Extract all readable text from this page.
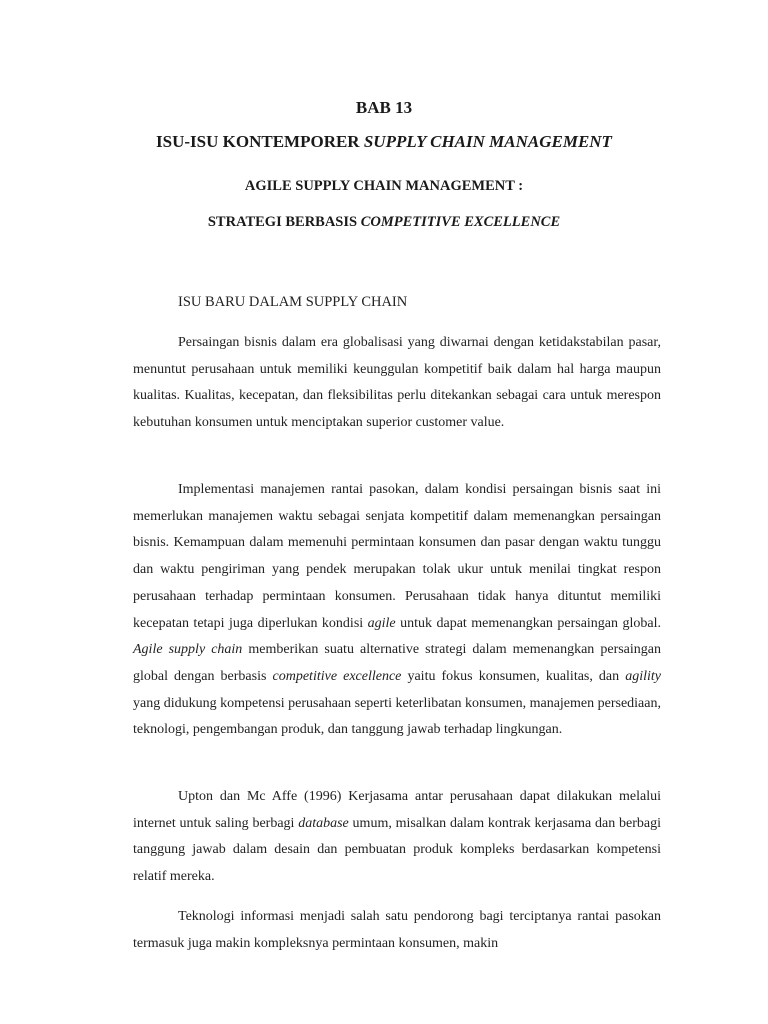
BAB 13
ISU-ISU KONTEMPORER SUPPLY CHAIN MANAGEMENT
AGILE SUPPLY CHAIN MANAGEMENT :
STRATEGI BERBASIS COMPETITIVE EXCELLENCE
ISU BARU DALAM SUPPLY CHAIN

Persaingan bisnis dalam era globalisasi yang diwarnai dengan ketidakstabilan pasar, menuntut perusahaan untuk memiliki keunggulan kompetitif baik dalam hal harga maupun kualitas. Kualitas, kecepatan, dan fleksibilitas perlu ditekankan sebagai cara untuk merespon kebutuhan konsumen untuk menciptakan superior customer value.

Implementasi manajemen rantai pasokan, dalam kondisi persaingan bisnis saat ini memerlukan manajemen waktu sebagai senjata kompetitif dalam memenangkan persaingan bisnis. Kemampuan dalam memenuhi permintaan konsumen dan pasar dengan waktu tunggu dan waktu pengiriman yang pendek merupakan tolak ukur untuk menilai tingkat respon perusahaan terhadap permintaan konsumen. Perusahaan tidak hanya dituntut memiliki kecepatan tetapi juga diperlukan kondisi agile untuk dapat memenangkan persaingan global. Agile supply chain memberikan suatu alternative strategi dalam memenangkan persaingan global dengan berbasis competitive excellence yaitu fokus konsumen, kualitas, dan agility yang didukung kompetensi perusahaan seperti keterlibatan konsumen, manajemen persediaan, teknologi, pengembangan produk, dan tanggung jawab terhadap lingkungan.

Upton dan Mc Affe (1996) Kerjasama antar perusahaan dapat dilakukan melalui internet untuk saling berbagi database umum, misalkan dalam kontrak kerjasama dan berbagi tanggung jawab dalam desain dan pembuatan produk kompleks berdasarkan kompetensi relatif mereka.

Teknologi informasi menjadi salah satu pendorong bagi terciptanya rantai pasokan termasuk juga makin kompleksnya permintaan konsumen, makin
